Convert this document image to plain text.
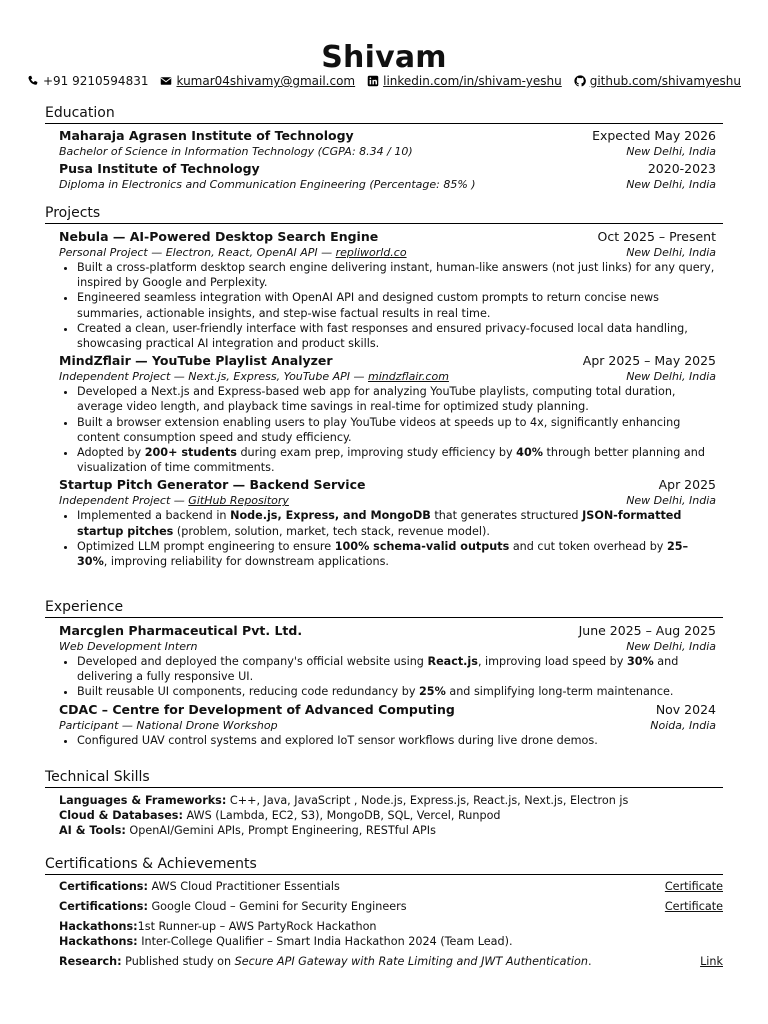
Shivam
+91 9210594831 kumar04shivamy@gmail.com linkedin.com/in/shivam-yeshu github.com/shivamyeshu
Education
Maharaja Agrasen Institute of Technology	Expected May 2026
Bachelor of Science in Information Technology (CGPA: 8.34 / 10)	New Delhi, India
Pusa Institute of Technology	2020-2023
Diploma in Electronics and Communication Engineering (Percentage: 85% )	New Delhi, India
Projects
Nebula — AI-Powered Desktop Search Engine	Oct 2025 – Present
Personal Project — Electron, React, OpenAI API — repliworld.co	New Delhi, India
• Built a cross-platform desktop search engine delivering instant, human-like answers (not just links) for any query, inspired by Google and Perplexity.
• Engineered seamless integration with OpenAI API and designed custom prompts to return concise news summaries, actionable insights, and step-wise factual results in real time.
• Created a clean, user-friendly interface with fast responses and ensured privacy-focused local data handling, showcasing practical AI integration and product skills.
MindZflair — YouTube Playlist Analyzer	Apr 2025 – May 2025
Independent Project — Next.js, Express, YouTube API — mindzflair.com	New Delhi, India
• Developed a Next.js and Express-based web app for analyzing YouTube playlists, computing total duration, average video length, and playback time savings in real-time for optimized study planning.
• Built a browser extension enabling users to play YouTube videos at speeds up to 4x, significantly enhancing content consumption speed and study efficiency.
• Adopted by 200+ students during exam prep, improving study efficiency by 40% through better planning and visualization of time commitments.
Startup Pitch Generator — Backend Service	Apr 2025
Independent Project — GitHub Repository	New Delhi, India
• Implemented a backend in Node.js, Express, and MongoDB that generates structured JSON-formatted startup pitches (problem, solution, market, tech stack, revenue model).
• Optimized LLM prompt engineering to ensure 100% schema-valid outputs and cut token overhead by 25–30%, improving reliability for downstream applications.
Experience
Marcglen Pharmaceutical Pvt. Ltd.	June 2025 – Aug 2025
Web Development Intern	New Delhi, India
• Developed and deployed the company's official website using React.js, improving load speed by 30% and delivering a fully responsive UI.
• Built reusable UI components, reducing code redundancy by 25% and simplifying long-term maintenance.
CDAC – Centre for Development of Advanced Computing	Nov 2024
Participant — National Drone Workshop	Noida, India
• Configured UAV control systems and explored IoT sensor workflows during live drone demos.
Technical Skills
Languages & Frameworks: C++, Java, JavaScript , Node.js, Express.js, React.js, Next.js, Electron js
Cloud & Databases: AWS (Lambda, EC2, S3), MongoDB, SQL, Vercel, Runpod
AI & Tools: OpenAI/Gemini APIs, Prompt Engineering, RESTful APIs
Certifications & Achievements
Certifications: AWS Cloud Practitioner Essentials	Certificate
Certifications: Google Cloud – Gemini for Security Engineers	Certificate
Hackathons:1st Runner-up – AWS PartyRock Hackathon
Hackathons: Inter-College Qualifier – Smart India Hackathon 2024 (Team Lead).
Research: Published study on Secure API Gateway with Rate Limiting and JWT Authentication.	Link
